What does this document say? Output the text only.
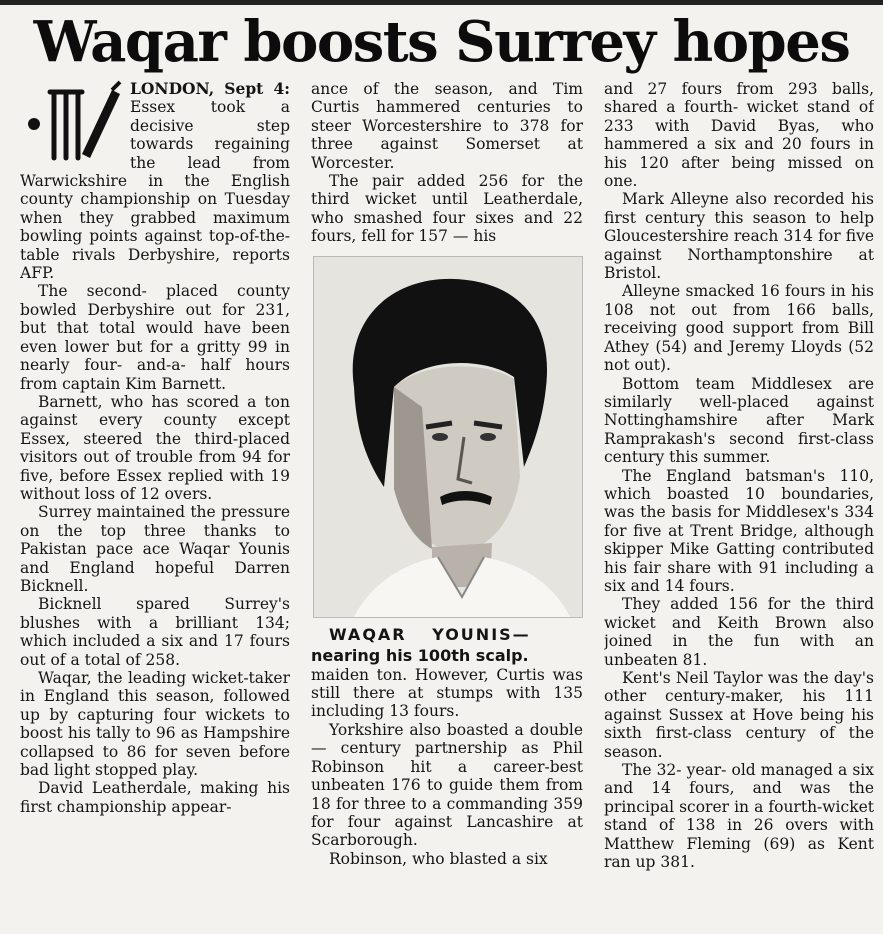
Waqar boosts Surrey hopes

LONDON, Sept 4: Essex took a decisive step towards regaining the lead from Warwickshire in the English county championship on Tuesday when they grabbed maximum bowling points against top-of-the- table rivals Derbyshire, reports AFP.

The second- placed county bowled Derbyshire out for 231, but that total would have been even lower but for a gritty 99 in nearly four- and-a- half hours from captain Kim Barnett.

Barnett, who has scored a ton against every county except Essex, steered the third-placed visitors out of trouble from 94 for five, before Essex replied with 19 without loss of 12 overs.

Surrey maintained the pressure on the top three thanks to Pakistan pace ace Waqar Younis and England hopeful Darren Bicknell.

Bicknell spared Surrey's blushes with a brilliant 134; which included a six and 17 fours out of a total of 258.

Waqar, the leading wicket-taker in England this season, followed up by capturing four wickets to boost his tally to 96 as Hampshire collapsed to 86 for seven before bad light stopped play.

David Leatherdale, making his first championship appear-

ance of the season, and Tim Curtis hammered centuries to steer Worcestershire to 378 for three against Somerset at Worcester.

The pair added 256 for the third wicket until Leatherdale, who smashed four sixes and 22 fours, fell for 157 — his

WAQAR YOUNIS—
nearing his 100th scalp.

maiden ton. However, Curtis was still there at stumps with 135 including 13 fours.

Yorkshire also boasted a double — century partnership as Phil Robinson hit a career-best unbeaten 176 to guide them from 18 for three to a commanding 359 for four against Lancashire at Scarborough.

Robinson, who blasted a six

and 27 fours from 293 balls, shared a fourth- wicket stand of 233 with David Byas, who hammered a six and 20 fours in his 120 after being missed on one.

Mark Alleyne also recorded his first century this season to help Gloucestershire reach 314 for five against Northamptonshire at Bristol.

Alleyne smacked 16 fours in his 108 not out from 166 balls, receiving good support from Bill Athey (54) and Jeremy Lloyds (52 not out).

Bottom team Middlesex are similarly well-placed against Nottinghamshire after Mark Ramprakash's second first-class century this summer.

The England batsman's 110, which boasted 10 boundaries, was the basis for Middlesex's 334 for five at Trent Bridge, although skipper Mike Gatting contributed his fair share with 91 including a six and 14 fours.

They added 156 for the third wicket and Keith Brown also joined in the fun with an unbeaten 81.

Kent's Neil Taylor was the day's other century-maker, his 111 against Sussex at Hove being his sixth first-class century of the season.

The 32- year- old managed a six and 14 fours, and was the principal scorer in a fourth-wicket stand of 138 in 26 overs with Matthew Fleming (69) as Kent ran up 381.
